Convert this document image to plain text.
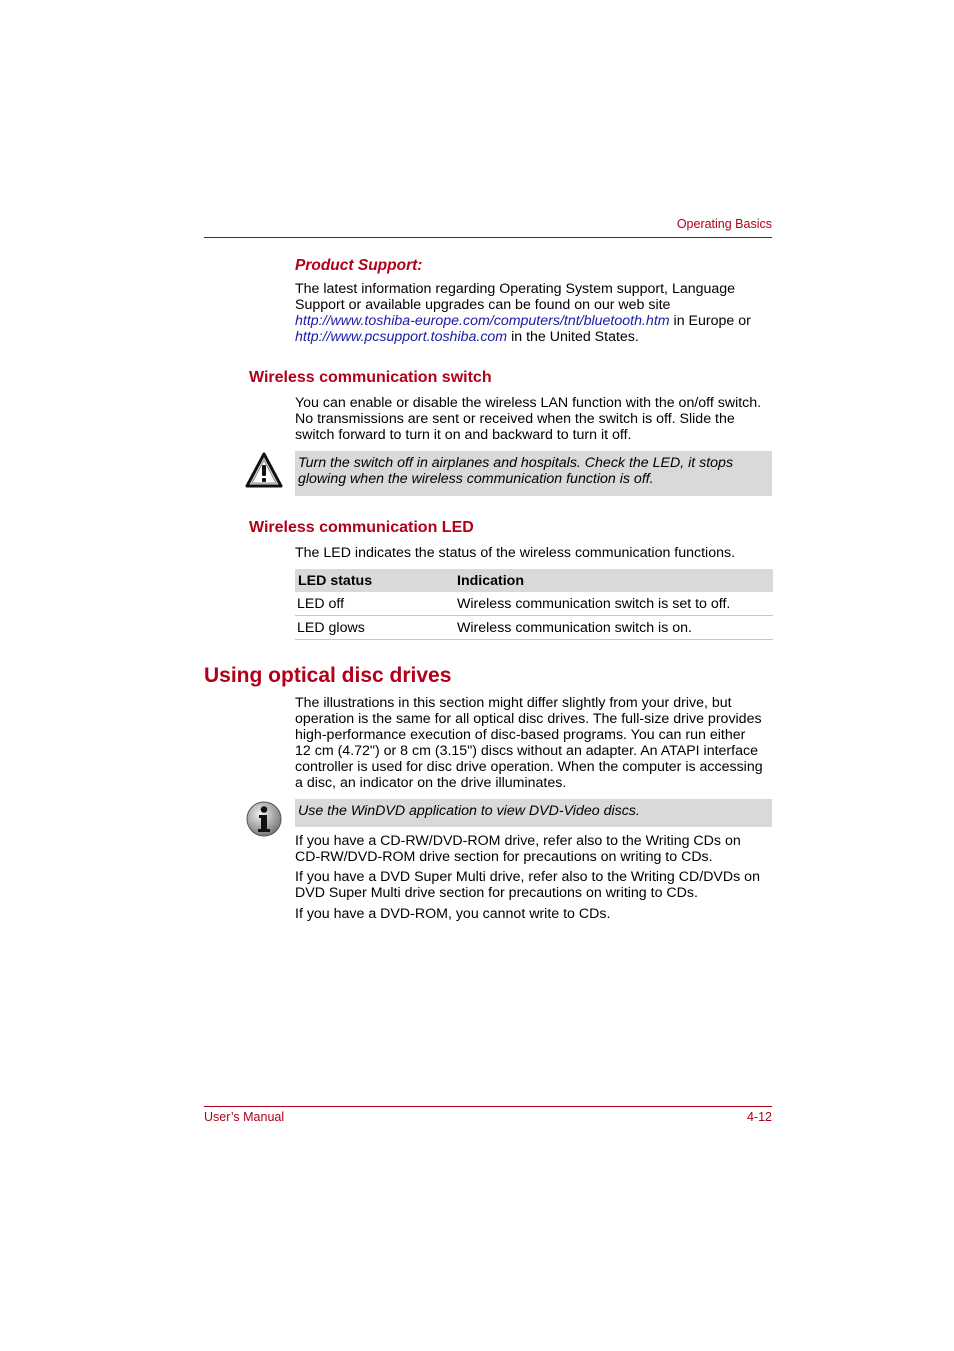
Operating Basics
Product Support:
The latest information regarding Operating System support, Language
Support or available upgrades can be found on our web site
http://www.toshiba-europe.com/computers/tnt/bluetooth.htm in Europe or
http://www.pcsupport.toshiba.com in the United States.
Wireless communication switch
You can enable or disable the wireless LAN function with the on/off switch.
No transmissions are sent or received when the switch is off. Slide the
switch forward to turn it on and backward to turn it off.
Turn the switch off in airplanes and hospitals. Check the LED, it stops
glowing when the wireless communication function is off.
Wireless communication LED
The LED indicates the status of the wireless communication functions.
LED status	Indication
LED off	Wireless communication switch is set to off.
LED glows	Wireless communication switch is on.
Using optical disc drives
The illustrations in this section might differ slightly from your drive, but
operation is the same for all optical disc drives. The full-size drive provides
high-performance execution of disc-based programs. You can run either
12 cm (4.72") or 8 cm (3.15") discs without an adapter. An ATAPI interface
controller is used for disc drive operation. When the computer is accessing
a disc, an indicator on the drive illuminates.
Use the WinDVD application to view DVD-Video discs.
If you have a CD-RW/DVD-ROM drive, refer also to the Writing CDs on
CD-RW/DVD-ROM drive section for precautions on writing to CDs.
If you have a DVD Super Multi drive, refer also to the Writing CD/DVDs on
DVD Super Multi drive section for precautions on writing to CDs.
If you have a DVD-ROM, you cannot write to CDs.
User’s Manual	4-12
